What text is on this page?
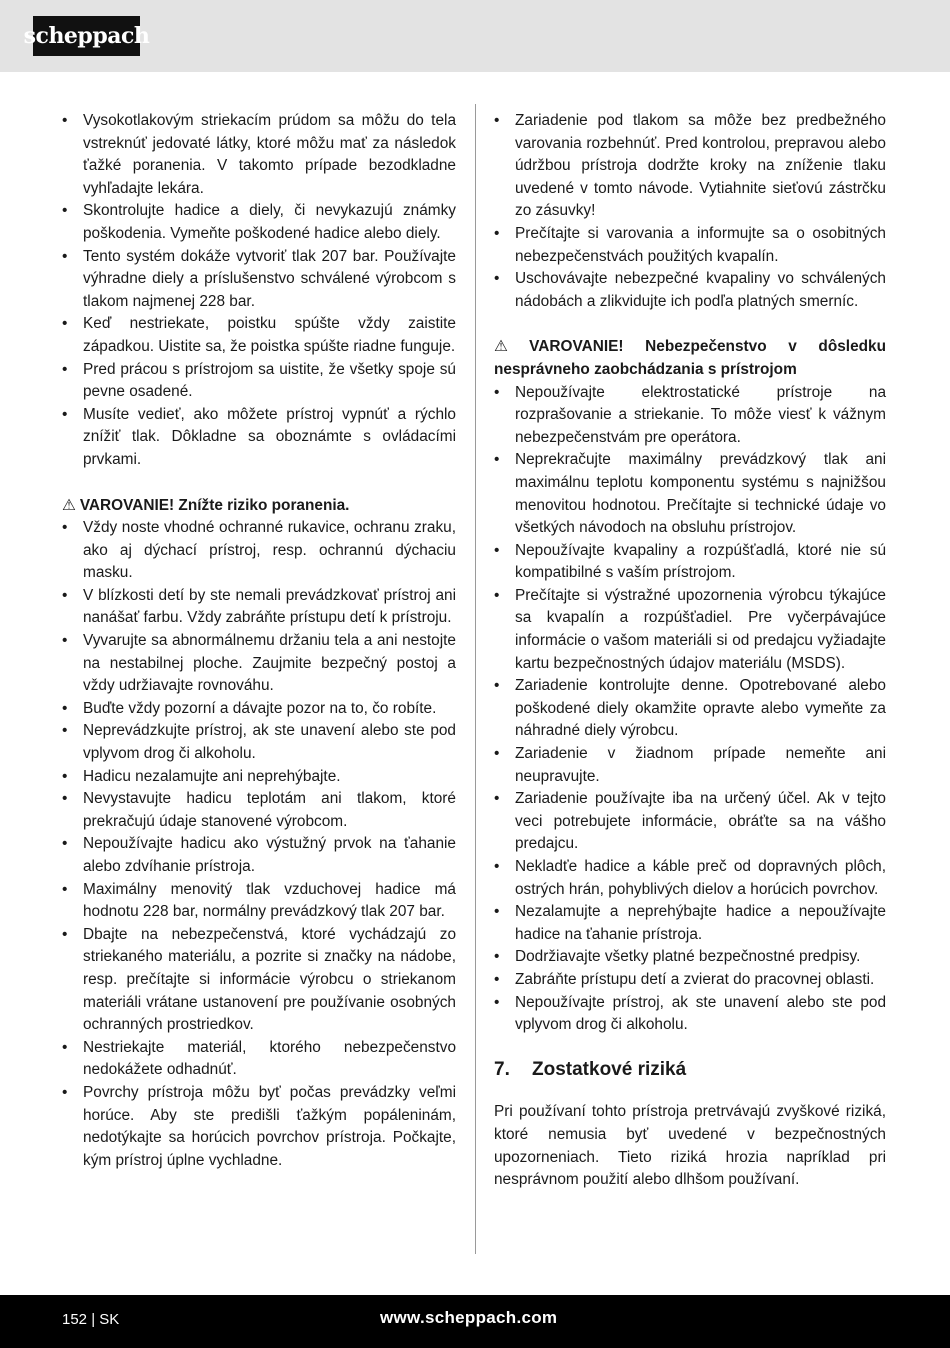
scheppach
• Vysokotlakovým striekacím prúdom sa môžu do tela vstreknúť jedovaté látky, ktoré môžu mať za následok ťažké poranenia. V takomto prípade bezodkladne vyhľadajte lekára.
• Skontrolujte hadice a diely, či nevykazujú známky poškodenia. Vymeňte poškodené hadice alebo diely.
• Tento systém dokáže vytvoriť tlak 207 bar. Používajte výhradne diely a príslušenstvo schválené výrobcom s tlakom najmenej 228 bar.
• Keď nestriekate, poistku spúšte vždy zaistite západkou. Uistite sa, že poistka spúšte riadne funguje.
• Pred prácou s prístrojom sa uistite, že všetky spoje sú pevne osadené.
• Musíte vedieť, ako môžete prístroj vypnúť a rýchlo znížiť tlak. Dôkladne sa oboznámte s ovládacími prvkami.
⚠ VAROVANIE! Znížte riziko poranenia.
• Vždy noste vhodné ochranné rukavice, ochranu zraku, ako aj dýchací prístroj, resp. ochrannú dýchaciu masku.
• V blízkosti detí by ste nemali prevádzkovať prístroj ani nanášať farbu. Vždy zabráňte prístupu detí k prístroju.
• Vyvarujte sa abnormálnemu držaniu tela a ani nestojte na nestabilnej ploche. Zaujmite bezpečný postoj a vždy udržiavajte rovnováhu.
• Buďte vždy pozorní a dávajte pozor na to, čo robíte.
• Neprevádzkujte prístroj, ak ste unavení alebo ste pod vplyvom drog či alkoholu.
• Hadicu nezalamujte ani neprehýbajte.
• Nevystavujte hadicu teplotám ani tlakom, ktoré prekračujú údaje stanovené výrobcom.
• Nepoužívajte hadicu ako výstužný prvok na ťahanie alebo zdvíhanie prístroja.
• Maximálny menovitý tlak vzduchovej hadice má hodnotu 228 bar, normálny prevádzkový tlak 207 bar.
• Dbajte na nebezpečenstvá, ktoré vychádzajú zo striekaného materiálu, a pozrite si značky na nádobe, resp. prečítajte si informácie výrobcu o striekanom materiáli vrátane ustanovení pre používanie osobných ochranných prostriedkov.
• Nestriekajte materiál, ktorého nebezpečenstvo nedokážete odhadnúť.
• Povrchy prístroja môžu byť počas prevádzky veľmi horúce. Aby ste predišli ťažkým popáleninám, nedotýkajte sa horúcich povrchov prístroja. Počkajte, kým prístroj úplne vychladne.
• Zariadenie pod tlakom sa môže bez predbežného varovania rozbehnúť. Pred kontrolou, prepravou alebo údržbou prístroja dodržte kroky na zníženie tlaku uvedené v tomto návode. Vytiahnite sieťovú zástrčku zo zásuvky!
• Prečítajte si varovania a informujte sa o osobitných nebezpečenstvách použitých kvapalín.
• Uschovávajte nebezpečné kvapaliny vo schválených nádobách a zlikvidujte ich podľa platných smerníc.
⚠ VAROVANIE! Nebezpečenstvo v dôsledku nesprávneho zaobchádzania s prístrojom
• Nepoužívajte elektrostatické prístroje na rozprašovanie a striekanie. To môže viesť k vážnym nebezpečenstvám pre operátora.
• Neprekračujte maximálny prevádzkový tlak ani maximálnu teplotu komponentu systému s najnižšou menovitou hodnotou. Prečítajte si technické údaje vo všetkých návodoch na obsluhu prístrojov.
• Nepoužívajte kvapaliny a rozpúšťadlá, ktoré nie sú kompatibilné s vaším prístrojom.
• Prečítajte si výstražné upozornenia výrobcu týkajúce sa kvapalín a rozpúšťadiel. Pre vyčerpávajúce informácie o vašom materiáli si od predajcu vyžiadajte kartu bezpečnostných údajov materiálu (MSDS).
• Zariadenie kontrolujte denne. Opotrebované alebo poškodené diely okamžite opravte alebo vymeňte za náhradné diely výrobcu.
• Zariadenie v žiadnom prípade nemeňte ani neupravujte.
• Zariadenie používajte iba na určený účel. Ak v tejto veci potrebujete informácie, obráťte sa na vášho predajcu.
• Nekladťe hadice a káble preč od dopravných plôch, ostrých hrán, pohyblivých dielov a horúcich povrchov.
• Nezalamujte a neprehýbajte hadice a nepoužívajte hadice na ťahanie prístroja.
• Dodržiavajte všetky platné bezpečnostné predpisy.
• Zabráňte prístupu detí a zvierat do pracovnej oblasti.
• Nepoužívajte prístroj, ak ste unavení alebo ste pod vplyvom drog či alkoholu.
7. Zostatkové riziká
Pri používaní tohto prístroja pretrvávajú zvyškové riziká, ktoré nemusia byť uvedené v bezpečnostných upozorneniach. Tieto riziká hrozia napríklad pri nesprávnom použití alebo dlhšom používaní.
152 | SK	www.scheppach.com
